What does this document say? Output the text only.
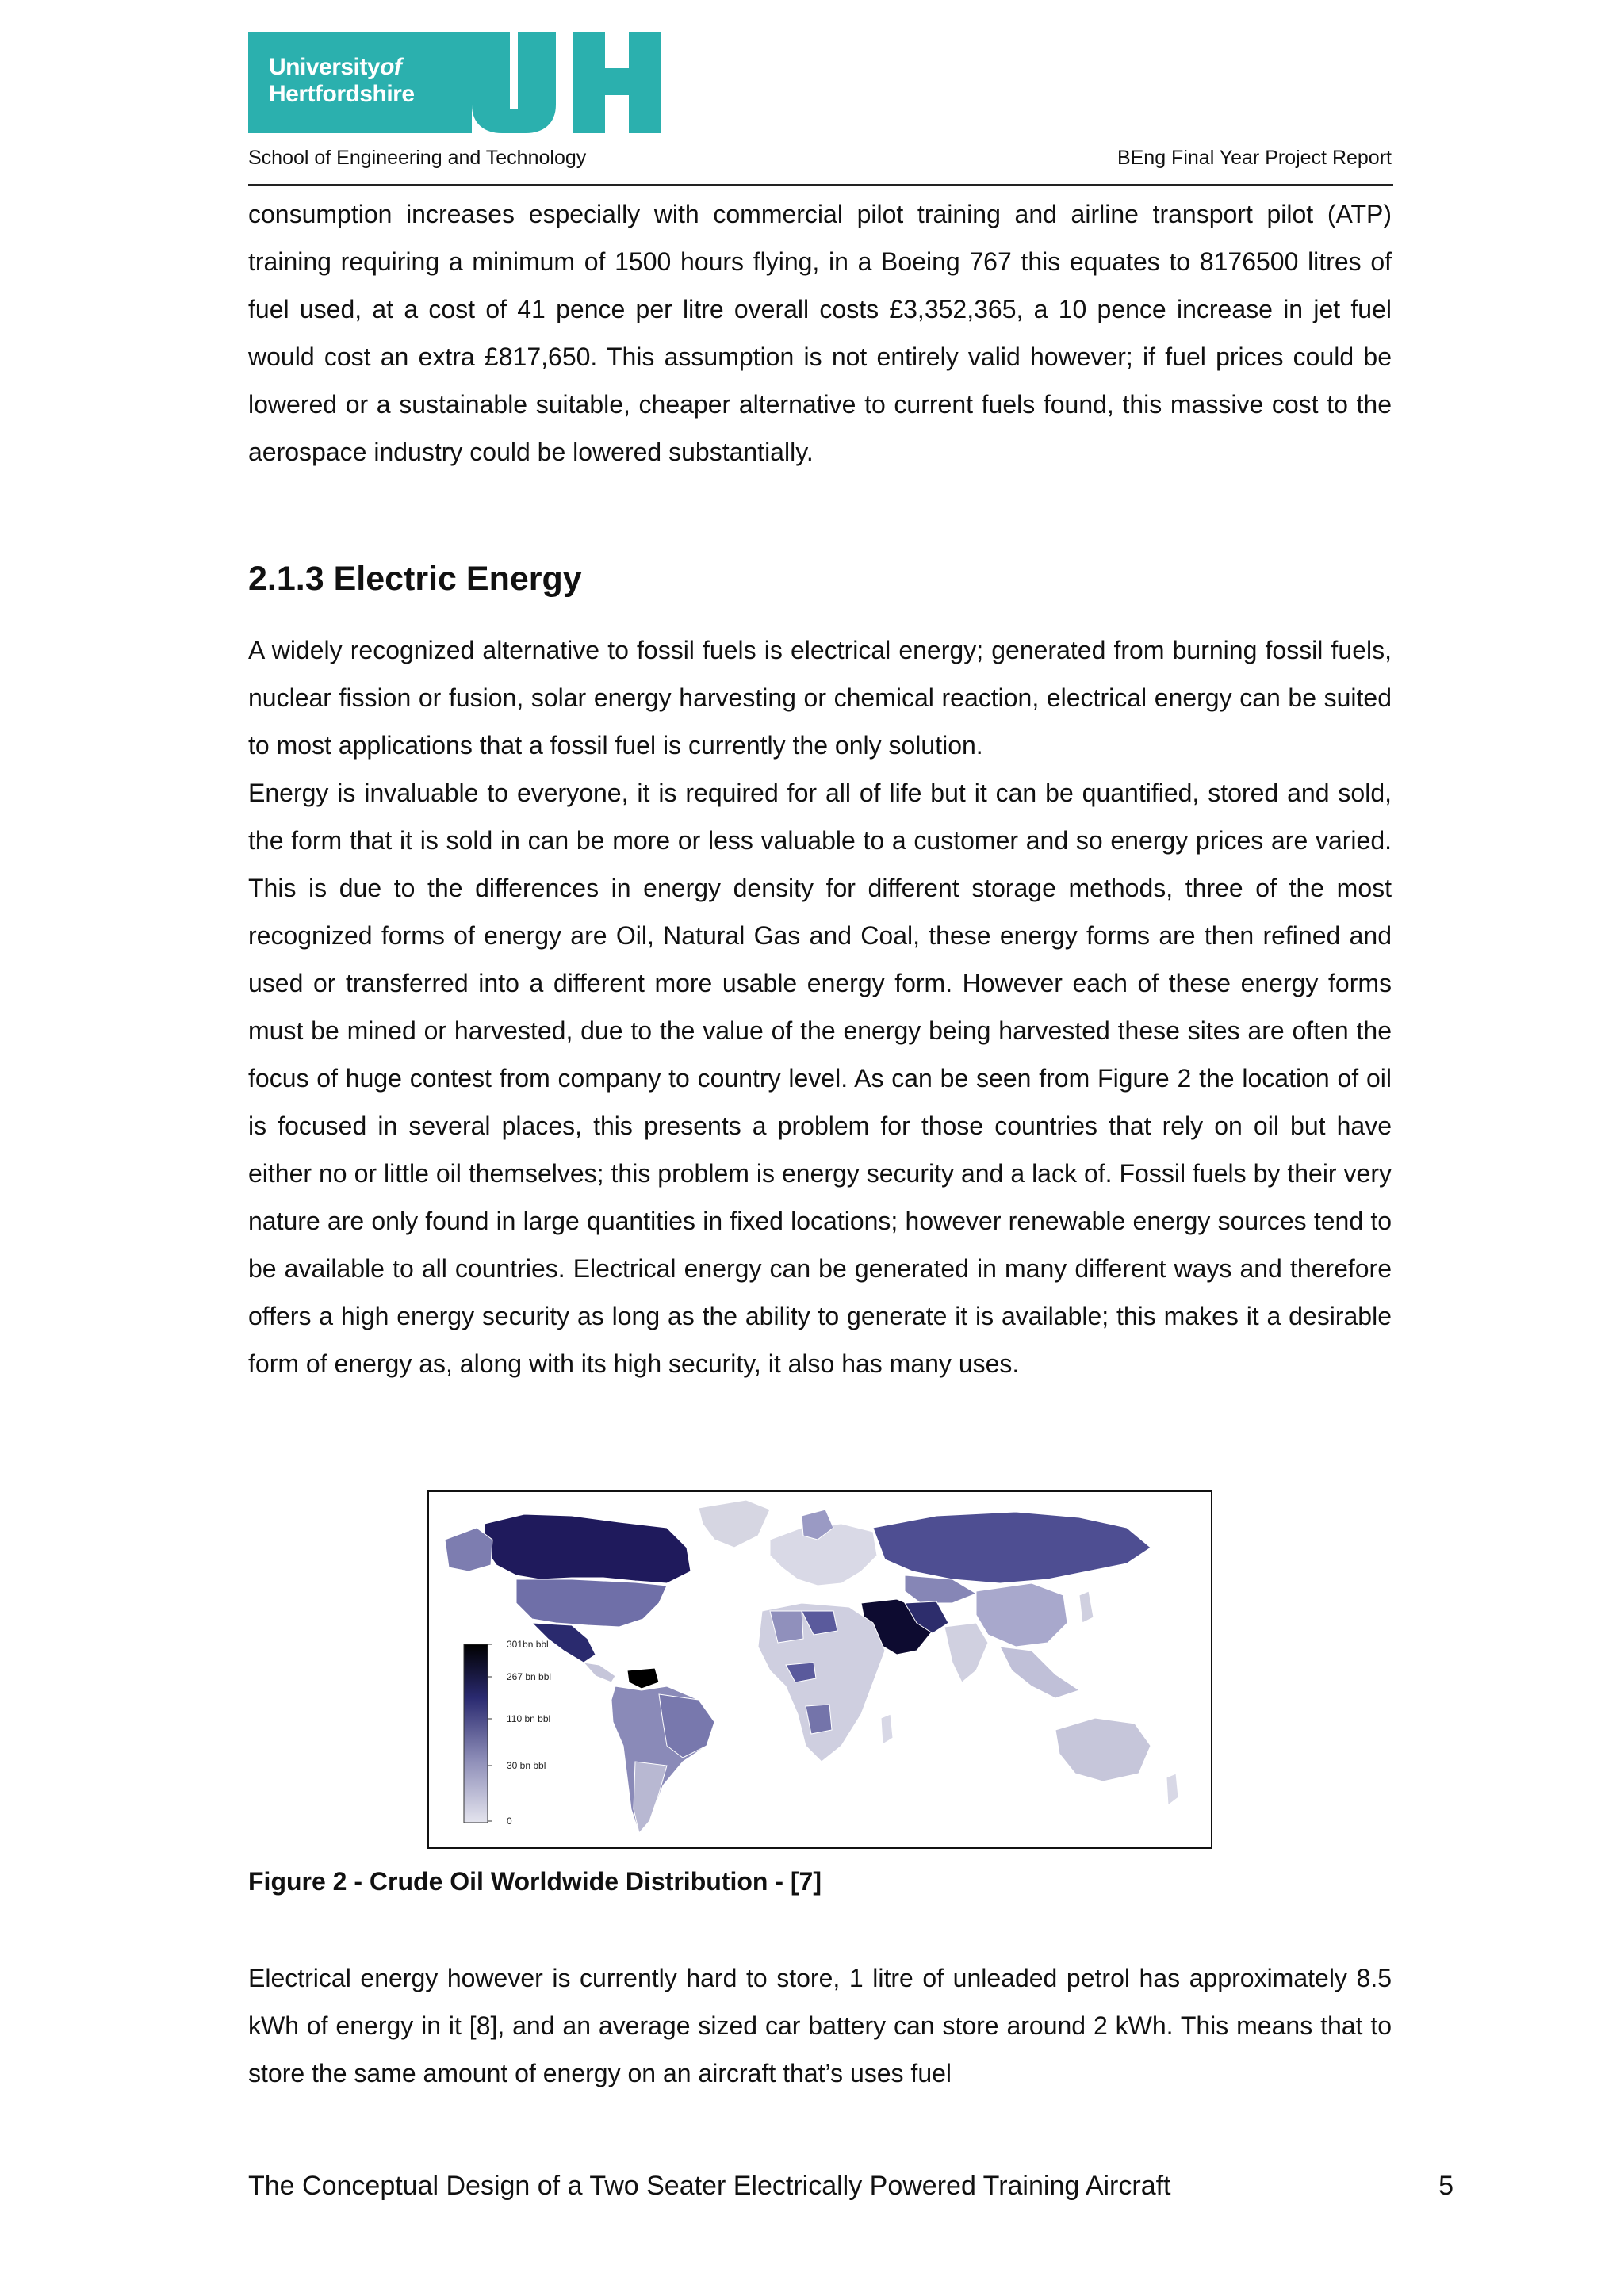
Universityof
Hertfordshire
School of Engineering and Technology	BEng Final Year Project Report
consumption increases especially with commercial pilot training and airline transport pilot (ATP) training requiring a minimum of 1500 hours flying, in a Boeing 767 this equates to 8176500 litres of fuel used, at a cost of 41 pence per litre overall costs £3,352,365, a 10 pence increase in jet fuel would cost an extra £817,650. This assumption is not entirely valid however; if fuel prices could be lowered or a sustainable suitable, cheaper alternative to current fuels found, this massive cost to the aerospace industry could be lowered substantially.
2.1.3 Electric Energy
A widely recognized alternative to fossil fuels is electrical energy; generated from burning fossil fuels, nuclear fission or fusion, solar energy harvesting or chemical reaction, electrical energy can be suited to most applications that a fossil fuel is currently the only solution.
Energy is invaluable to everyone, it is required for all of life but it can be quantified, stored and sold, the form that it is sold in can be more or less valuable to a customer and so energy prices are varied. This is due to the differences in energy density for different storage methods, three of the most recognized forms of energy are Oil, Natural Gas and Coal, these energy forms are then refined and used or transferred into a different more usable energy form. However each of these energy forms must be mined or harvested, due to the value of the energy being harvested these sites are often the focus of huge contest from company to country level. As can be seen from Figure 2 the location of oil is focused in several places, this presents a problem for those countries that rely on oil but have either no or little oil themselves; this problem is energy security and a lack of. Fossil fuels by their very nature are only found in large quantities in fixed locations; however renewable energy sources tend to be available to all countries. Electrical energy can be generated in many different ways and therefore offers a high energy security as long as the ability to generate it is available; this makes it a desirable form of energy as, along with its high security, it also has many uses.
301bn bbl
267 bn bbl
110 bn bbl
30 bn bbl
0
Figure 2 - Crude Oil Worldwide Distribution - [7]
Electrical energy however is currently hard to store, 1 litre of unleaded petrol has approximately 8.5 kWh of energy in it [8], and an average sized car battery can store around 2 kWh. This means that to store the same amount of energy on an aircraft that’s uses fuel
The Conceptual Design of a Two Seater Electrically Powered Training Aircraft	5
